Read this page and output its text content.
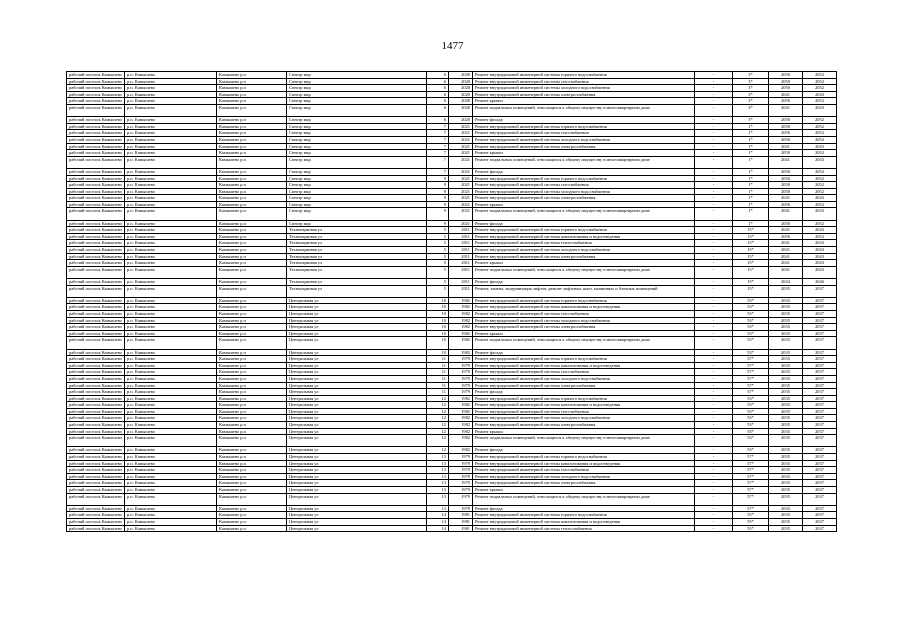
1477
рабочий поселок Камышево	р.п. Камышево	Камышево р.п	Спектр мкр	6	2020	Ремонт внутридомовой инженерной системы горячего водоснабжения	-	3*	2050	2052
рабочий поселок Камышево	р.п. Камышево	Камышево р.п	Спектр мкр	6	2020	Ремонт внутридомовой инженерной системы газоснабжения	-	3*	2050	2052
рабочий поселок Камышево	р.п. Камышево	Камышево р.п	Спектр мкр	6	2020	Ремонт внутридомовой инженерной системы холодного водоснабжения	-	3*	2050	2052
рабочий поселок Камышево	р.п. Камышево	Камышево р.п	Спектр мкр	6	2020	Ремонт внутридомовой инженерной системы электроснабжения	-	3*	2041	2043
рабочий поселок Камышево	р.п. Камышево	Камышево р.п	Спектр мкр	6	2020	Ремонт крыши	-	3*	2050	2052
рабочий поселок Камышево	р.п. Камышево	Камышево р.п	Спектр мкр	6	2020	Ремонт подвальных помещений, относящихся к общему имуществу в многоквартирном доме	-	3*	2041	2043
рабочий поселок Камышево	р.п. Камышево	Камышево р.п	Спектр мкр	6	2020	Ремонт фасада	-	3*	2050	2052
рабочий поселок Камышево	р.п. Камышево	Камышево р.п	Спектр мкр	7	2021	Ремонт внутридомовой инженерной системы горячего водоснабжения	-	1*	2050	2052
рабочий поселок Камышево	р.п. Камышево	Камышево р.п	Спектр мкр	7	2021	Ремонт внутридомовой инженерной системы газоснабжения	-	1*	2050	2052
рабочий поселок Камышево	р.п. Камышево	Камышево р.п	Спектр мкр	7	2021	Ремонт внутридомовой инженерной системы холодного водоснабжения	-	1*	2050	2052
рабочий поселок Камышево	р.п. Камышево	Камышево р.п	Спектр мкр	7	2021	Ремонт внутридомовой инженерной системы электроснабжения	-	1*	2041	2043
рабочий поселок Камышево	р.п. Камышево	Камышево р.п	Спектр мкр	7	2021	Ремонт крыши	-	1*	2050	2052
рабочий поселок Камышево	р.п. Камышево	Камышево р.п	Спектр мкр	7	2021	Ремонт подвальных помещений, относящихся к общему имуществу в многоквартирном доме	-	1*	2041	2043
рабочий поселок Камышево	р.п. Камышево	Камышево р.п	Спектр мкр	7	2021	Ремонт фасада	-	1*	2050	2052
рабочий поселок Камышево	р.п. Камышево	Камышево р.п	Спектр мкр	9	2021	Ремонт внутридомовой инженерной системы горячего водоснабжения	-	1*	2050	2052
рабочий поселок Камышево	р.п. Камышево	Камышево р.п	Спектр мкр	9	2021	Ремонт внутридомовой инженерной системы газоснабжения	-	1*	2050	2052
рабочий поселок Камышево	р.п. Камышево	Камышево р.п	Спектр мкр	9	2021	Ремонт внутридомовой инженерной системы холодного водоснабжения	-	1*	2050	2052
рабочий поселок Камышево	р.п. Камышево	Камышево р.п	Спектр мкр	9	2021	Ремонт внутридомовой инженерной системы электроснабжения	-	1*	2041	2043
рабочий поселок Камышево	р.п. Камышево	Камышево р.п	Спектр мкр	9	2021	Ремонт крыши	-	1*	2050	2052
рабочий поселок Камышево	р.п. Камышево	Камышево р.п	Спектр мкр	9	2021	Ремонт подвальных помещений, относящихся к общему имуществу в многоквартирном доме	-	1*	2041	2043
рабочий поселок Камышево	р.п. Камышево	Камышево р.п	Спектр мкр	9	2021	Ремонт фасада	-	1*	2050	2052
рабочий поселок Камышево	р.п. Камышево	Камышево р.п	Технопарковая ул	5	2011	Ремонт внутридомовой инженерной системы горячего водоснабжения	-	15*	2041	2043
рабочий поселок Камышево	р.п. Камышево	Камышево р.п	Технопарковая ул	5	2011	Ремонт внутридомовой инженерной системы канализования и водоотведения	-	15*	2050	2052
рабочий поселок Камышево	р.п. Камышево	Камышево р.п	Технопарковая ул	5	2011	Ремонт внутридомовой инженерной системы теплоснабжения	-	15*	2041	2043
рабочий поселок Камышево	р.п. Камышево	Камышево р.п	Технопарковая ул	5	2011	Ремонт внутридомовой инженерной системы холодного водоснабжения	-	15*	2041	2043
рабочий поселок Камышево	р.п. Камышево	Камышево р.п	Технопарковая ул	5	2011	Ремонт внутридомовой инженерной системы электроснабжения	-	15*	2041	2043
рабочий поселок Камышево	р.п. Камышево	Камышево р.п	Технопарковая ул	5	2011	Ремонт крыши	-	15*	2041	2043
рабочий поселок Камышево	р.п. Камышево	Камышево р.п	Технопарковая ул	5	2011	Ремонт подвальных помещений, относящихся к общему имуществу в многоквартирном доме	-	15*	2041	2043
рабочий поселок Камышево	р.п. Камышево	Камышево р.п	Технопарковая ул	5	2011	Ремонт фасада	-	15*	2044	2046
рабочий поселок Камышево	р.п. Камышево	Камышево р.п	Технопарковая ул	5	2011	Ремонт, замена, модернизация лифтов, ремонт лифтовых шахт, машинных и блочных помещений	-	15*	2035	2037
рабочий поселок Камышево	р.п. Камышево	Камышево р.п	Центральная ул	10	1982	Ремонт внутридомовой инженерной системы горячего водоснабжения	-	53*	2035	2037
рабочий поселок Камышево	р.п. Камышево	Камышево р.п	Центральная ул	10	1982	Ремонт внутридомовой инженерной системы канализования и водоотведения	-	53*	2035	2037
рабочий поселок Камышево	р.п. Камышево	Камышево р.п	Центральная ул	10	1982	Ремонт внутридомовой инженерной системы газоснабжения	-	53*	2035	2037
рабочий поселок Камышево	р.п. Камышево	Камышево р.п	Центральная ул	10	1982	Ремонт внутридомовой инженерной системы холодного водоснабжения	-	53*	2035	2037
рабочий поселок Камышево	р.п. Камышево	Камышево р.п	Центральная ул	10	1982	Ремонт внутридомовой инженерной системы электроснабжения	-	53*	2035	2037
рабочий поселок Камышево	р.п. Камышево	Камышево р.п	Центральная ул	10	1982	Ремонт крыши	-	53*	2035	2037
рабочий поселок Камышево	р.п. Камышево	Камышево р.п	Центральная ул	10	1982	Ремонт подвальных помещений, относящихся к общему имуществу в многоквартирном доме	-	53*	2035	2037
рабочий поселок Камышево	р.п. Камышево	Камышево р.п	Центральная ул	10	1982	Ремонт фасада	-	53*	2035	2037
рабочий поселок Камышево	р.п. Камышево	Камышево р.п	Центральная ул	11	1979	Ремонт внутридомовой инженерной системы горячего водоснабжения	-	57*	2035	2037
рабочий поселок Камышево	р.п. Камышево	Камышево р.п	Центральная ул	11	1979	Ремонт внутридомовой инженерной системы канализования и водоотведения	-	57*	2035	2037
рабочий поселок Камышево	р.п. Камышево	Камышево р.п	Центральная ул	11	1979	Ремонт внутридомовой инженерной системы газоснабжения	-	57*	2035	2037
рабочий поселок Камышево	р.п. Камышево	Камышево р.п	Центральная ул	11	1979	Ремонт внутридомовой инженерной системы холодного водоснабжения	-	57*	2035	2037
рабочий поселок Камышево	р.п. Камышево	Камышево р.п	Центральная ул	11	1979	Ремонт внутридомовой инженерной системы электроснабжения	-	57*	2035	2037
рабочий поселок Камышево	р.п. Камышево	Камышево р.п	Центральная ул	11	1979	Ремонт фасада	-	57*	2035	2037
рабочий поселок Камышево	р.п. Камышево	Камышево р.п	Центральная ул	12	1982	Ремонт внутридомовой инженерной системы горячего водоснабжения	-	53*	2035	2037
рабочий поселок Камышево	р.п. Камышево	Камышево р.п	Центральная ул	12	1982	Ремонт внутридомовой инженерной системы канализования и водоотведения	-	53*	2035	2037
рабочий поселок Камышево	р.п. Камышево	Камышево р.п	Центральная ул	12	1982	Ремонт внутридомовой инженерной системы газоснабжения	-	53*	2035	2037
рабочий поселок Камышево	р.п. Камышево	Камышево р.п	Центральная ул	12	1982	Ремонт внутридомовой инженерной системы холодного водоснабжения	-	53*	2035	2037
рабочий поселок Камышево	р.п. Камышево	Камышево р.п	Центральная ул	12	1982	Ремонт внутридомовой инженерной системы электроснабжения	-	53*	2035	2037
рабочий поселок Камышево	р.п. Камышево	Камышево р.п	Центральная ул	12	1982	Ремонт крыши	-	53*	2035	2037
рабочий поселок Камышево	р.п. Камышево	Камышево р.п	Центральная ул	12	1982	Ремонт подвальных помещений, относящихся к общему имуществу в многоквартирном доме	-	53*	2035	2037
рабочий поселок Камышево	р.п. Камышево	Камышево р.п	Центральная ул	12	1982	Ремонт фасада	-	53*	2035	2037
рабочий поселок Камышево	р.п. Камышево	Камышево р.п	Центральная ул	13	1979	Ремонт внутридомовой инженерной системы горячего водоснабжения	-	57*	2035	2037
рабочий поселок Камышево	р.п. Камышево	Камышево р.п	Центральная ул	13	1979	Ремонт внутридомовой инженерной системы канализования и водоотведения	-	57*	2035	2037
рабочий поселок Камышево	р.п. Камышево	Камышево р.п	Центральная ул	13	1979	Ремонт внутридомовой инженерной системы газоснабжения	-	57*	2035	2037
рабочий поселок Камышево	р.п. Камышево	Камышево р.п	Центральная ул	13	1979	Ремонт внутридомовой инженерной системы холодного водоснабжения	-	57*	2035	2037
рабочий поселок Камышево	р.п. Камышево	Камышево р.п	Центральная ул	13	1979	Ремонт внутридомовой инженерной системы электроснабжения	-	57*	2035	2037
рабочий поселок Камышево	р.п. Камышево	Камышево р.п	Центральная ул	13	1979	Ремонт крыши	-	57*	2035	2037
рабочий поселок Камышево	р.п. Камышево	Камышево р.п	Центральная ул	13	1979	Ремонт подвальных помещений, относящихся к общему имуществу в многоквартирном доме	-	57*	2035	2037
рабочий поселок Камышево	р.п. Камышево	Камышево р.п	Центральная ул	13	1979	Ремонт фасада	-	57*	2035	2037
рабочий поселок Камышево	р.п. Камышево	Камышево р.п	Центральная ул	14	1981	Ремонт внутридомовой инженерной системы горячего водоснабжения	-	55*	2035	2037
рабочий поселок Камышево	р.п. Камышево	Камышево р.п	Центральная ул	14	1981	Ремонт внутридомовой инженерной системы канализования и водоотведения	-	55*	2035	2037
рабочий поселок Камышево	р.п. Камышево	Камышево р.п	Центральная ул	14	1981	Ремонт внутридомовой инженерной системы теплоснабжения	-	55*	2035	2037
